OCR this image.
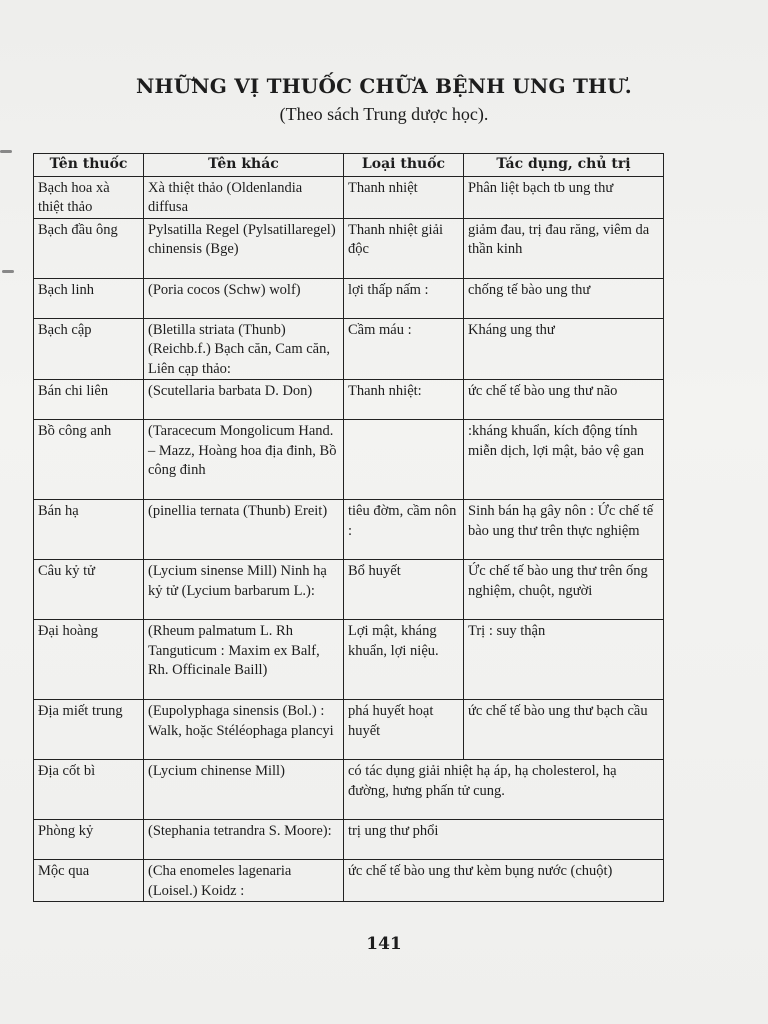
NHỮNG VỊ THUỐC CHỮA BỆNH UNG THƯ.
(Theo sách Trung dược học).
Tên thuốc	Tên khác	Loại thuốc	Tác dụng, chủ trị
Bạch hoa xà thiệt thảo	Xà thiệt thảo (Oldenlandia diffusa	Thanh nhiệt	Phân liệt bạch tb ung thư
Bạch đầu ông	Pylsatilla Regel (Pylsatillaregel) chinensis (Bge)	Thanh nhiệt giải độc	giảm đau, trị đau răng, viêm da thần kinh
Bạch linh	(Poria cocos (Schw) wolf)	lợi thấp nấm :	chống tế bào ung thư
Bạch cập	(Bletilla striata (Thunb) (Reichb.f.) Bạch căn, Cam căn, Liên cạp thảo:	Cầm máu :	Kháng ung thư
Bán chi liên	(Scutellaria barbata D. Don)	Thanh nhiệt:	ức chế tế bào ung thư não
Bồ công anh	(Taracecum Mongolicum Hand. – Mazz, Hoàng hoa địa đinh, Bồ công đinh		:kháng khuẩn, kích động tính miễn dịch, lợi mật, bảo vệ gan
Bán hạ	(pinellia ternata (Thunb) Ereit)	tiêu đờm, cầm nôn :	Sinh bán hạ gây nôn : Ức chế tế bào ung thư trên thực nghiệm
Câu kỷ tử	(Lycium sinense Mill) Ninh hạ kỷ tử (Lycium barbarum L.):	Bổ huyết	Ức chế tế bào ung thư trên ống nghiệm, chuột, người
Đại hoàng	(Rheum palmatum L. Rh Tanguticum : Maxim ex Balf, Rh. Officinale Baill)	Lợi mật, kháng khuẩn, lợi niệu.	Trị : suy thận
Địa miết trung	(Eupolyphaga sinensis (Bol.) : Walk, hoặc Stéléophaga plancyi	phá huyết hoạt huyết	ức chế tế bào ung thư bạch cầu
Địa cốt bì	(Lycium chinense Mill)	có tác dụng giải nhiệt hạ áp, hạ cholesterol, hạ đường, hưng phấn tử cung.	
Phòng kỷ	(Stephania tetrandra S. Moore):	trị ung thư phổi	
Mộc qua	(Cha enomeles lagenaria (Loisel.) Koidz :	ức chế tế bào ung thư kèm bụng nước (chuột)	
141
